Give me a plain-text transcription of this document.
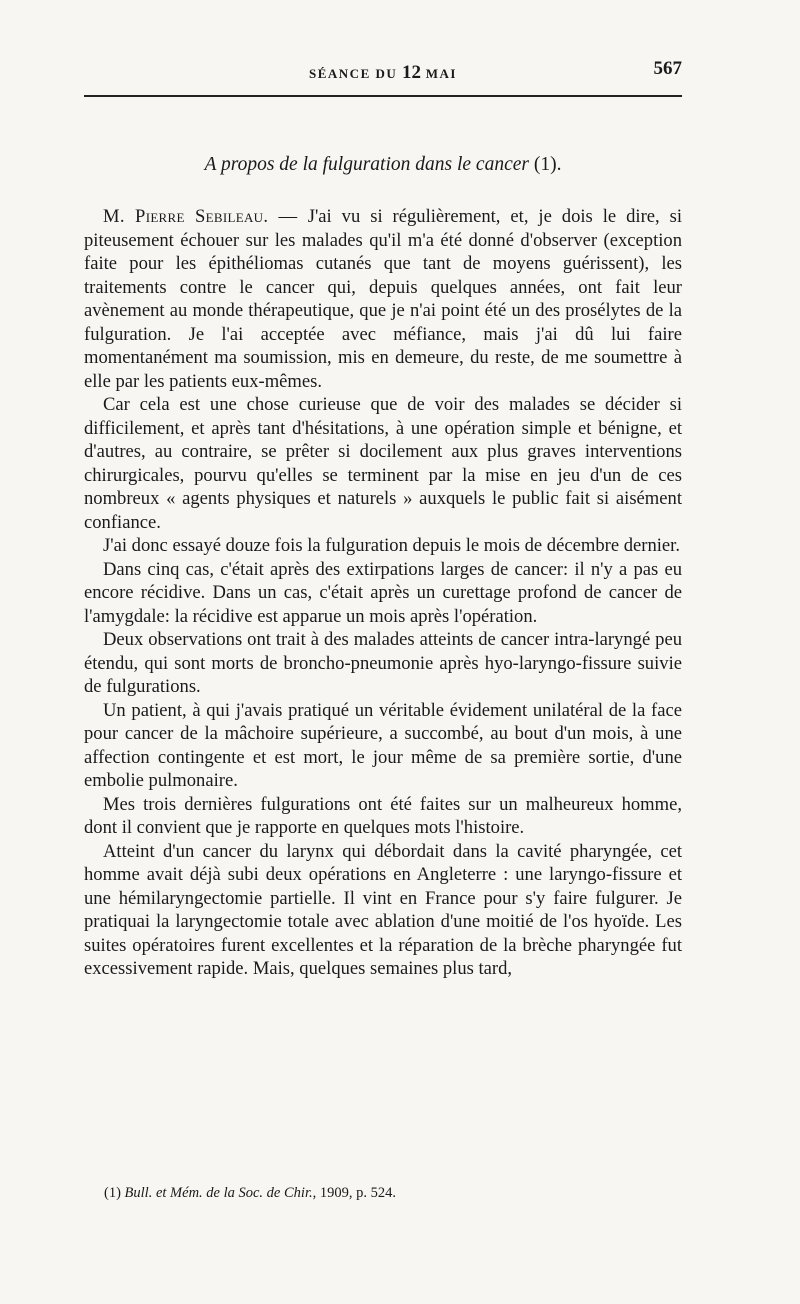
SÉANCE DU 12 MAI	567
A propos de la fulguration dans le cancer (1).

M. Pierre Sebileau. — J'ai vu si régulièrement, et, je dois le dire, si piteusement échouer sur les malades qu'il m'a été donné d'observer (exception faite pour les épithéliomas cutanés que tant de moyens guérissent), les traitements contre le cancer qui, depuis quelques années, ont fait leur avènement au monde thérapeutique, que je n'ai point été un des prosélytes de la fulguration. Je l'ai acceptée avec méfiance, mais j'ai dû lui faire momentanément ma soumission, mis en demeure, du reste, de me soumettre à elle par les patients eux-mêmes.

Car cela est une chose curieuse que de voir des malades se décider si difficilement, et après tant d'hésitations, à une opération simple et bénigne, et d'autres, au contraire, se prêter si docilement aux plus graves interventions chirurgicales, pourvu qu'elles se terminent par la mise en jeu d'un de ces nombreux « agents physiques et naturels » auxquels le public fait si aisément confiance.

J'ai donc essayé douze fois la fulguration depuis le mois de décembre dernier.

Dans cinq cas, c'était après des extirpations larges de cancer: il n'y a pas eu encore récidive. Dans un cas, c'était après un curettage profond de cancer de l'amygdale: la récidive est apparue un mois après l'opération.

Deux observations ont trait à des malades atteints de cancer intra-laryngé peu étendu, qui sont morts de broncho-pneumonie après hyo-laryngo-fissure suivie de fulgurations.

Un patient, à qui j'avais pratiqué un véritable évidement unilatéral de la face pour cancer de la mâchoire supérieure, a succombé, au bout d'un mois, à une affection contingente et est mort, le jour même de sa première sortie, d'une embolie pulmonaire.

Mes trois dernières fulgurations ont été faites sur un malheureux homme, dont il convient que je rapporte en quelques mots l'histoire.

Atteint d'un cancer du larynx qui débordait dans la cavité pharyngée, cet homme avait déjà subi deux opérations en Angleterre : une laryngo-fissure et une hémilaryngectomie partielle. Il vint en France pour s'y faire fulgurer. Je pratiquai la laryngectomie totale avec ablation d'une moitié de l'os hyoïde. Les suites opératoires furent excellentes et la réparation de la brèche pharyngée fut excessivement rapide. Mais, quelques semaines plus tard,

(1) Bull. et Mém. de la Soc. de Chir., 1909, p. 524.
